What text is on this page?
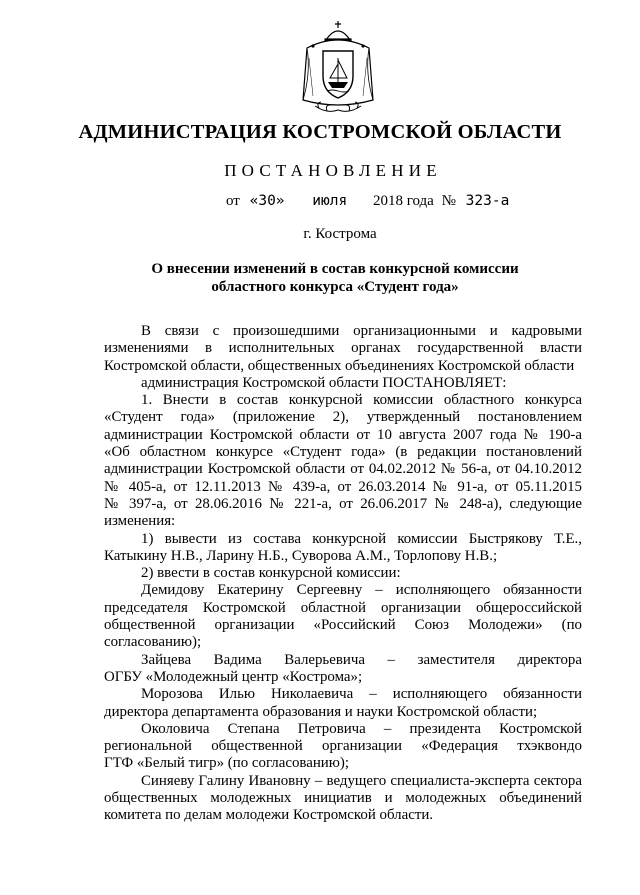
АДМИНИСТРАЦИЯ КОСТРОМСКОЙ ОБЛАСТИ
ПОСТАНОВЛЕНИЕ
от «30» июля 2018 года № 323-а
г. Кострома
О внесении изменений в состав конкурсной комиссии
областного конкурса «Студент года»

В связи с произошедшими организационными и кадровыми

изменениями в исполнительных органах государственной власти

Костромской области, общественных объединениях Костромской области

администрация Костромской области ПОСТАНОВЛЯЕТ:

1. Внести в состав конкурсной комиссии областного конкурса

«Студент года» (приложение 2), утвержденный постановлением

администрации Костромской области от 10 августа 2007 года № 190-а

«Об областном конкурсе «Студент года» (в редакции постановлений

администрации Костромской области от 04.02.2012 № 56-а, от 04.10.2012

№ 405-а, от 12.11.2013 № 439-а, от 26.03.2014 № 91-а, от 05.11.2015

№ 397-а, от 28.06.2016 № 221-а, от 26.06.2017 № 248-а), следующие

изменения:

1) вывести из состава конкурсной комиссии Быстрякову Т.Е.,

Катыкину Н.В., Ларину Н.Б., Суворова А.М., Торлопову Н.В.;

2) ввести в состав конкурсной комиссии:

Демидову Екатерину Сергеевну – исполняющего обязанности

председателя Костромской областной организации общероссийской

общественной организации «Российский Союз Молодежи» (по

согласованию);

Зайцева Вадима Валерьевича – заместителя директора

ОГБУ «Молодежный центр «Кострома»;

Морозова Илью Николаевича – исполняющего обязанности

директора департамента образования и науки Костромской области;

Околовича Степана Петровича – президента Костромской

региональной общественной организации «Федерация тхэквондо

ГТФ «Белый тигр» (по согласованию);

Синяеву Галину Ивановну – ведущего специалиста-эксперта сектора

общественных молодежных инициатив и молодежных объединений

комитета по делам молодежи Костромской области.
